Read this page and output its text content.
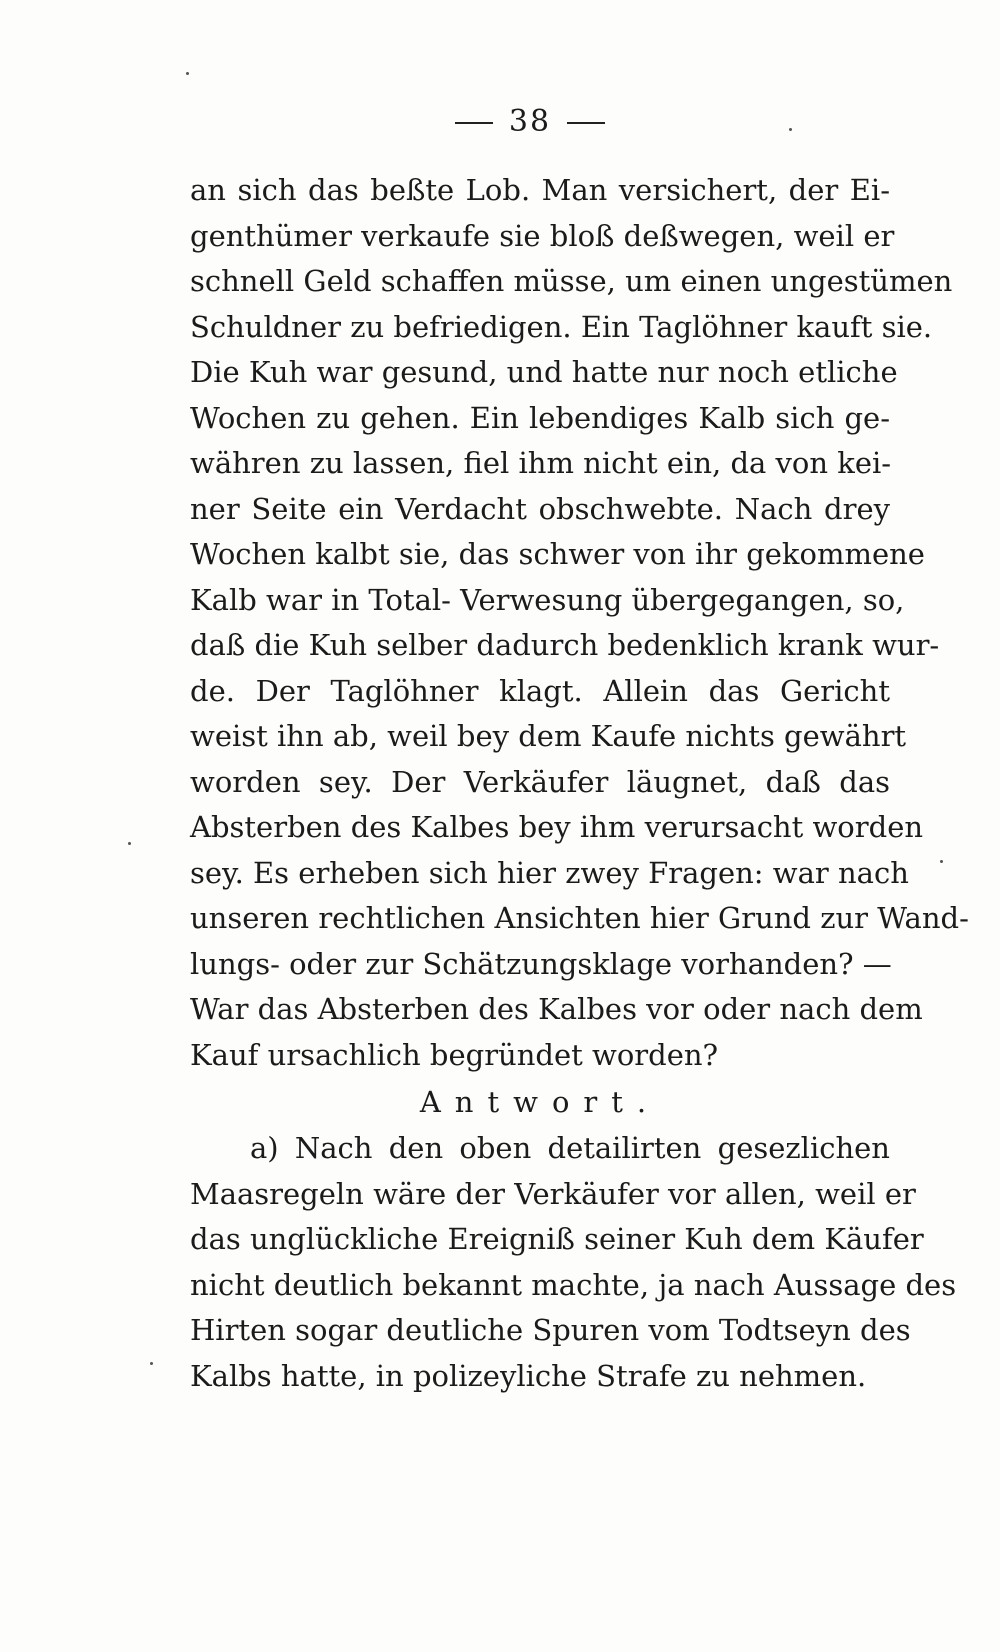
38
an sich das beßte Lob. Man versichert, der Ei-
genthümer verkaufe sie bloß deßwegen, weil er
schnell Geld schaffen müsse, um einen ungestümen
Schuldner zu befriedigen. Ein Taglöhner kauft sie.
Die Kuh war gesund, und hatte nur noch etliche
Wochen zu gehen. Ein lebendiges Kalb sich ge-
währen zu lassen, fiel ihm nicht ein, da von kei-
ner Seite ein Verdacht obschwebte. Nach drey
Wochen kalbt sie, das schwer von ihr gekommene
Kalb war in Total- Verwesung übergegangen, so,
daß die Kuh selber dadurch bedenklich krank wur-
de. Der Taglöhner klagt. Allein das Gericht
weist ihn ab, weil bey dem Kaufe nichts gewährt
worden sey. Der Verkäufer läugnet, daß das
Absterben des Kalbes bey ihm verursacht worden
sey. Es erheben sich hier zwey Fragen: war nach
unseren rechtlichen Ansichten hier Grund zur Wand-
lungs- oder zur Schätzungsklage vorhanden? —
War das Absterben des Kalbes vor oder nach dem
Kauf ursachlich begründet worden?
Antwort.
a) Nach den oben detailirten gesezlichen
Maasregeln wäre der Verkäufer vor allen, weil er
das unglückliche Ereigniß seiner Kuh dem Käufer
nicht deutlich bekannt machte, ja nach Aussage des
Hirten sogar deutliche Spuren vom Todtseyn des
Kalbs hatte, in polizeyliche Strafe zu nehmen.
